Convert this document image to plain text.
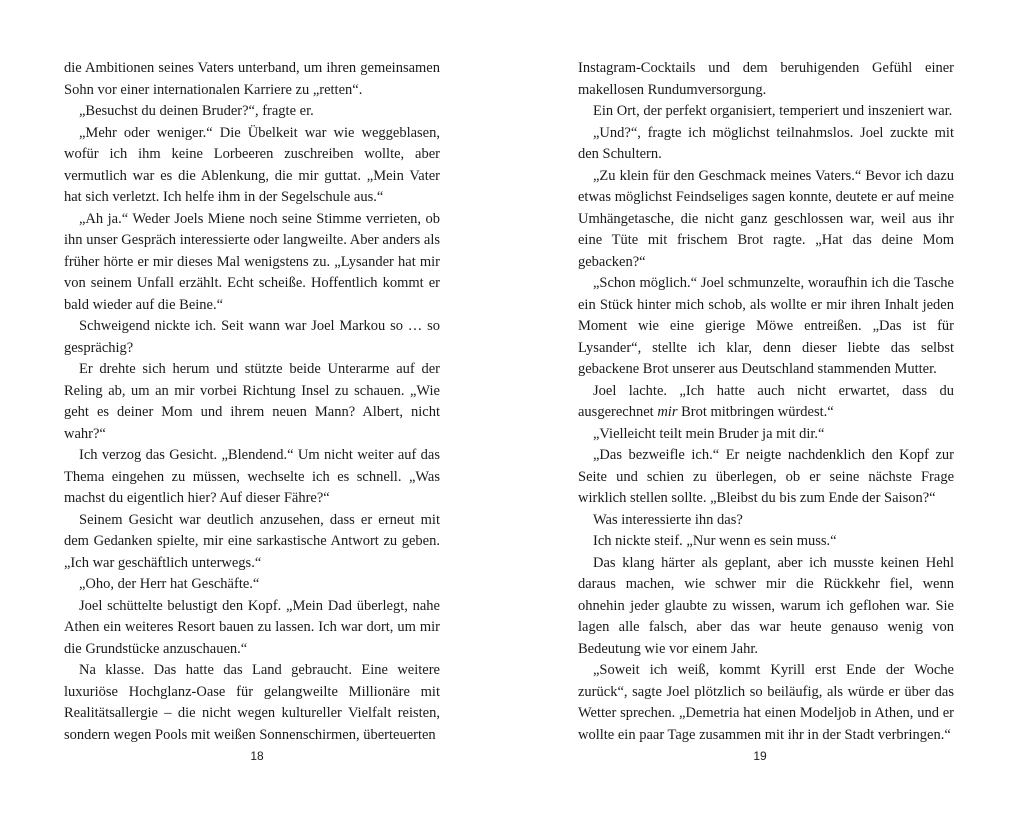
die Ambitionen seines Vaters unterband, um ihren gemeinsamen Sohn vor einer internationalen Karriere zu „retten“.

„Besuchst du deinen Bruder?“, fragte er.

„Mehr oder weniger.“ Die Übelkeit war wie weggeblasen, wofür ich ihm keine Lorbeeren zuschreiben wollte, aber vermutlich war es die Ablenkung, die mir guttat. „Mein Vater hat sich verletzt. Ich helfe ihm in der Segelschule aus.“

„Ah ja.“ Weder Joels Miene noch seine Stimme verrieten, ob ihn unser Gespräch interessierte oder langweilte. Aber anders als früher hörte er mir dieses Mal wenigstens zu. „Lysander hat mir von seinem Unfall erzählt. Echt scheiße. Hoffentlich kommt er bald wieder auf die Beine.“

Schweigend nickte ich. Seit wann war Joel Markou so … so gesprächig?

Er drehte sich herum und stützte beide Unterarme auf der Reling ab, um an mir vorbei Richtung Insel zu schauen. „Wie geht es deiner Mom und ihrem neuen Mann? Albert, nicht wahr?“

Ich verzog das Gesicht. „Blendend.“ Um nicht weiter auf das Thema eingehen zu müssen, wechselte ich es schnell. „Was machst du eigentlich hier? Auf dieser Fähre?“

Seinem Gesicht war deutlich anzusehen, dass er erneut mit dem Gedanken spielte, mir eine sarkastische Antwort zu geben. „Ich war geschäftlich unterwegs.“

„Oho, der Herr hat Geschäfte.“

Joel schüttelte belustigt den Kopf. „Mein Dad überlegt, nahe Athen ein weiteres Resort bauen zu lassen. Ich war dort, um mir die Grundstücke anzuschauen.“

Na klasse. Das hatte das Land gebraucht. Eine weitere luxuriöse Hochglanz-Oase für gelangweilte Millionäre mit Realitätsallergie – die nicht wegen kultureller Vielfalt reisten, sondern wegen Pools mit weißen Sonnenschirmen, überteuerten

Instagram-Cocktails und dem beruhigenden Gefühl einer makellosen Rundumversorgung.

Ein Ort, der perfekt organisiert, temperiert und inszeniert war.

„Und?“, fragte ich möglichst teilnahmslos. Joel zuckte mit den Schultern.

„Zu klein für den Geschmack meines Vaters.“ Bevor ich dazu etwas möglichst Feindseliges sagen konnte, deutete er auf meine Umhängetasche, die nicht ganz geschlossen war, weil aus ihr eine Tüte mit frischem Brot ragte. „Hat das deine Mom gebacken?“

„Schon möglich.“ Joel schmunzelte, woraufhin ich die Tasche ein Stück hinter mich schob, als wollte er mir ihren Inhalt jeden Moment wie eine gierige Möwe entreißen. „Das ist für Lysander“, stellte ich klar, denn dieser liebte das selbst gebackene Brot unserer aus Deutschland stammenden Mutter.

Joel lachte. „Ich hatte auch nicht erwartet, dass du ausgerechnet mir Brot mitbringen würdest.“

„Vielleicht teilt mein Bruder ja mit dir.“

„Das bezweifle ich.“ Er neigte nachdenklich den Kopf zur Seite und schien zu überlegen, ob er seine nächste Frage wirklich stellen sollte. „Bleibst du bis zum Ende der Saison?“

Was interessierte ihn das?

Ich nickte steif. „Nur wenn es sein muss.“

Das klang härter als geplant, aber ich musste keinen Hehl daraus machen, wie schwer mir die Rückkehr fiel, wenn ohnehin jeder glaubte zu wissen, warum ich geflohen war. Sie lagen alle falsch, aber das war heute genauso wenig von Bedeutung wie vor einem Jahr.

„Soweit ich weiß, kommt Kyrill erst Ende der Woche zurück“, sagte Joel plötzlich so beiläufig, als würde er über das Wetter sprechen. „Demetria hat einen Modeljob in Athen, und er wollte ein paar Tage zusammen mit ihr in der Stadt verbringen.“

18	19
